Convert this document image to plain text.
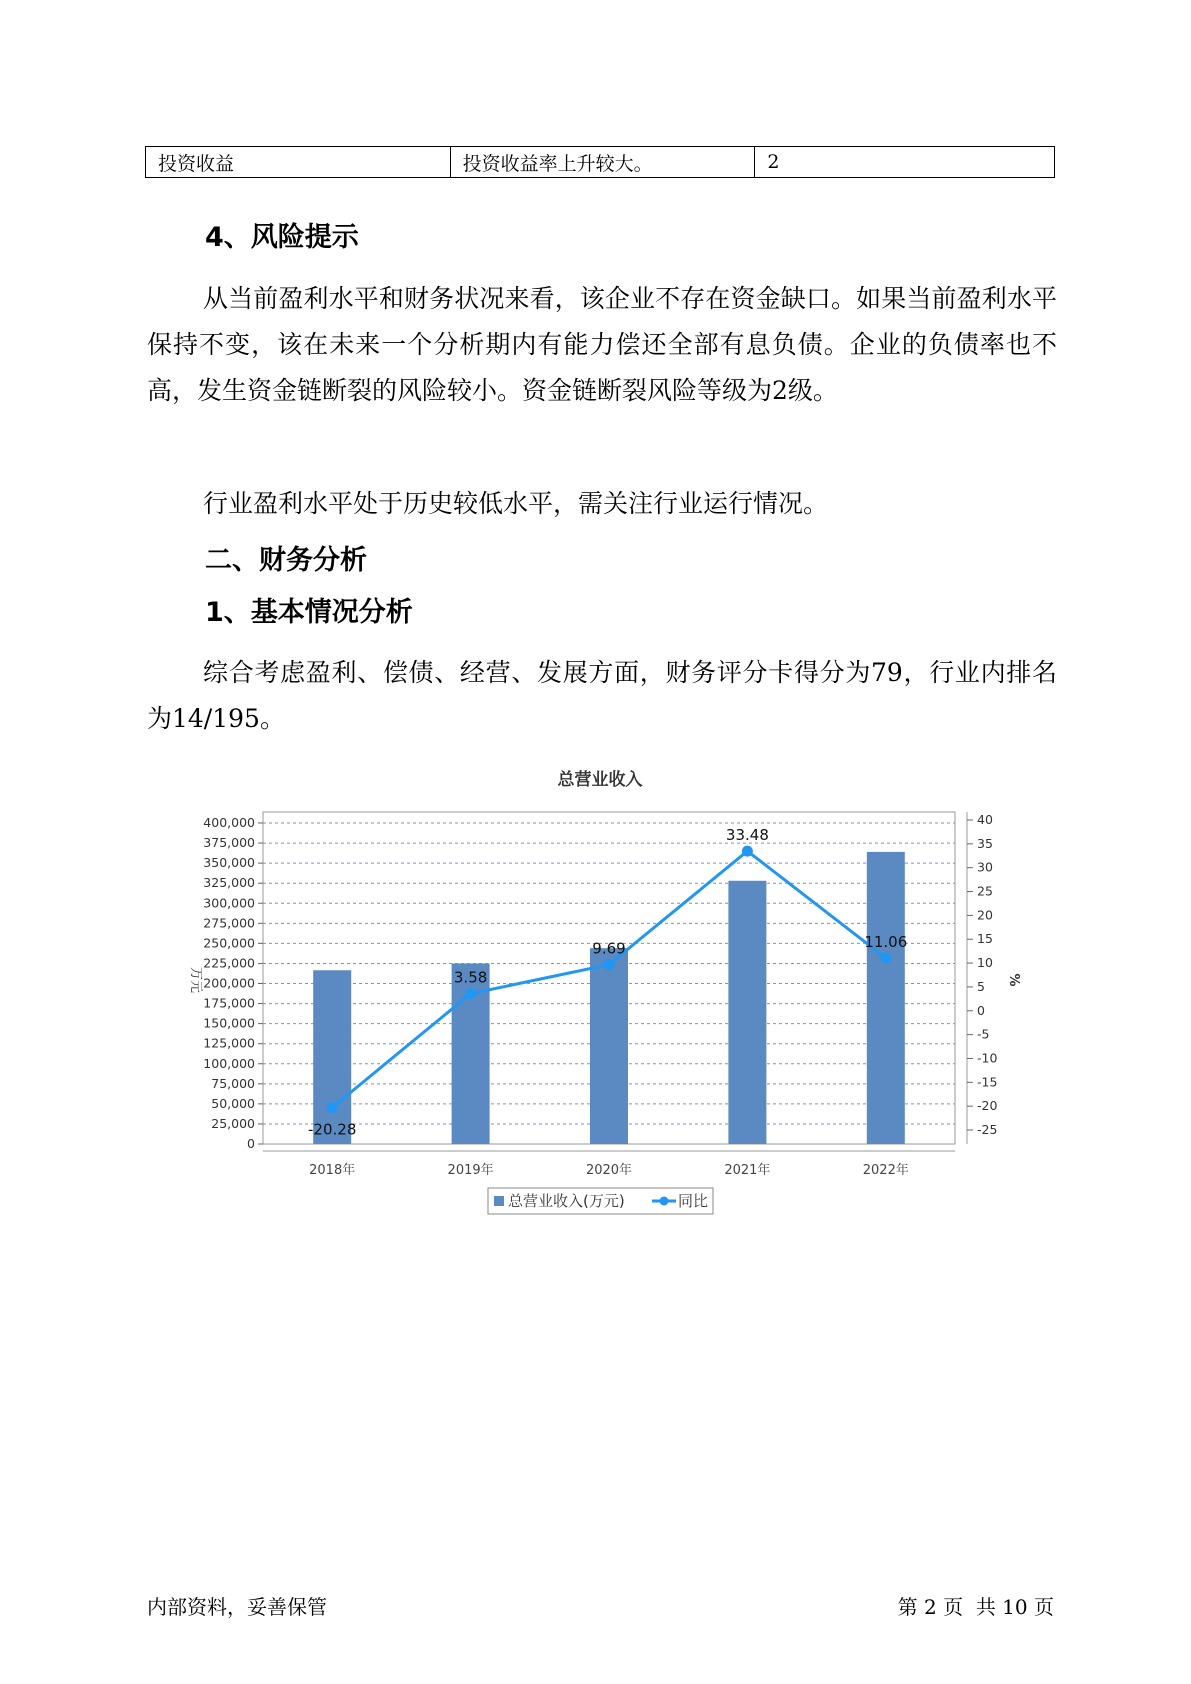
投资收益	投资收益率上升较大。	2
4、风险提示

从当前盈利水平和财务状况来看，该企业不存在资金缺口。如果当前盈利水平保持不变，该在未来一个分析期内有能力偿还全部有息负债。企业的负债率也不高，发生资金链断裂的风险较小。资金链断裂风险等级为2级。

行业盈利水平处于历史较低水平，需关注行业运行情况。

二、财务分析
1、基本情况分析

综合考虑盈利、偿债、经营、发展方面，财务评分卡得分为79，行业内排名为14/195。

总营业收入
-20.28
3.58
9.69
33.48
11.06
0
25,000
50,000
75,000
100,000
125,000
150,000
175,000
200,000
225,000
250,000
275,000
300,000
325,000
350,000
375,000
400,000
-25
-20
-15
-10
-5
0
5
10
15
20
25
30
35
40
2018年	2019年	2020年	2021年	2022年
万元	%
总营业收入(万元)	同比
内部资料，妥善保管	第 2 页  共 10 页
